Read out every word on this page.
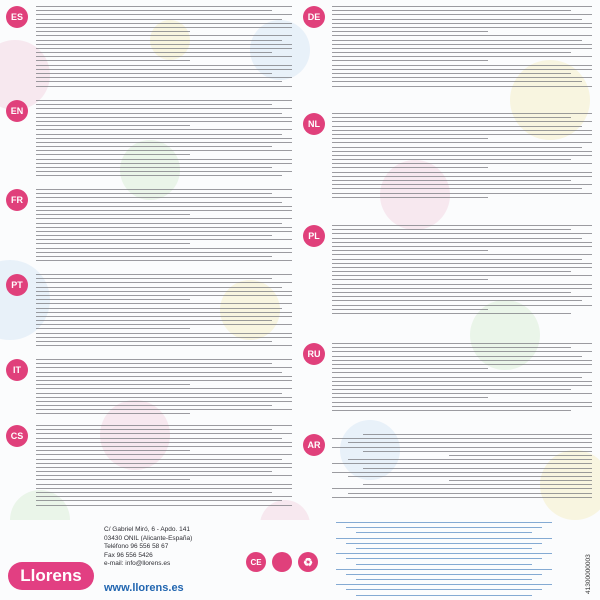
ES
EN
FR
PT
IT
CS
DE
NL
PL
RU
AR
Llorens
C/ Gabriel Miró, 6 - Apdo. 141
03430 ONIL (Alicante-España)
Teléfono 96 556 58 67
Fax 96 556 5426
e-mail: info@llorens.es
www.llorens.es
CE	♻	41300000003
